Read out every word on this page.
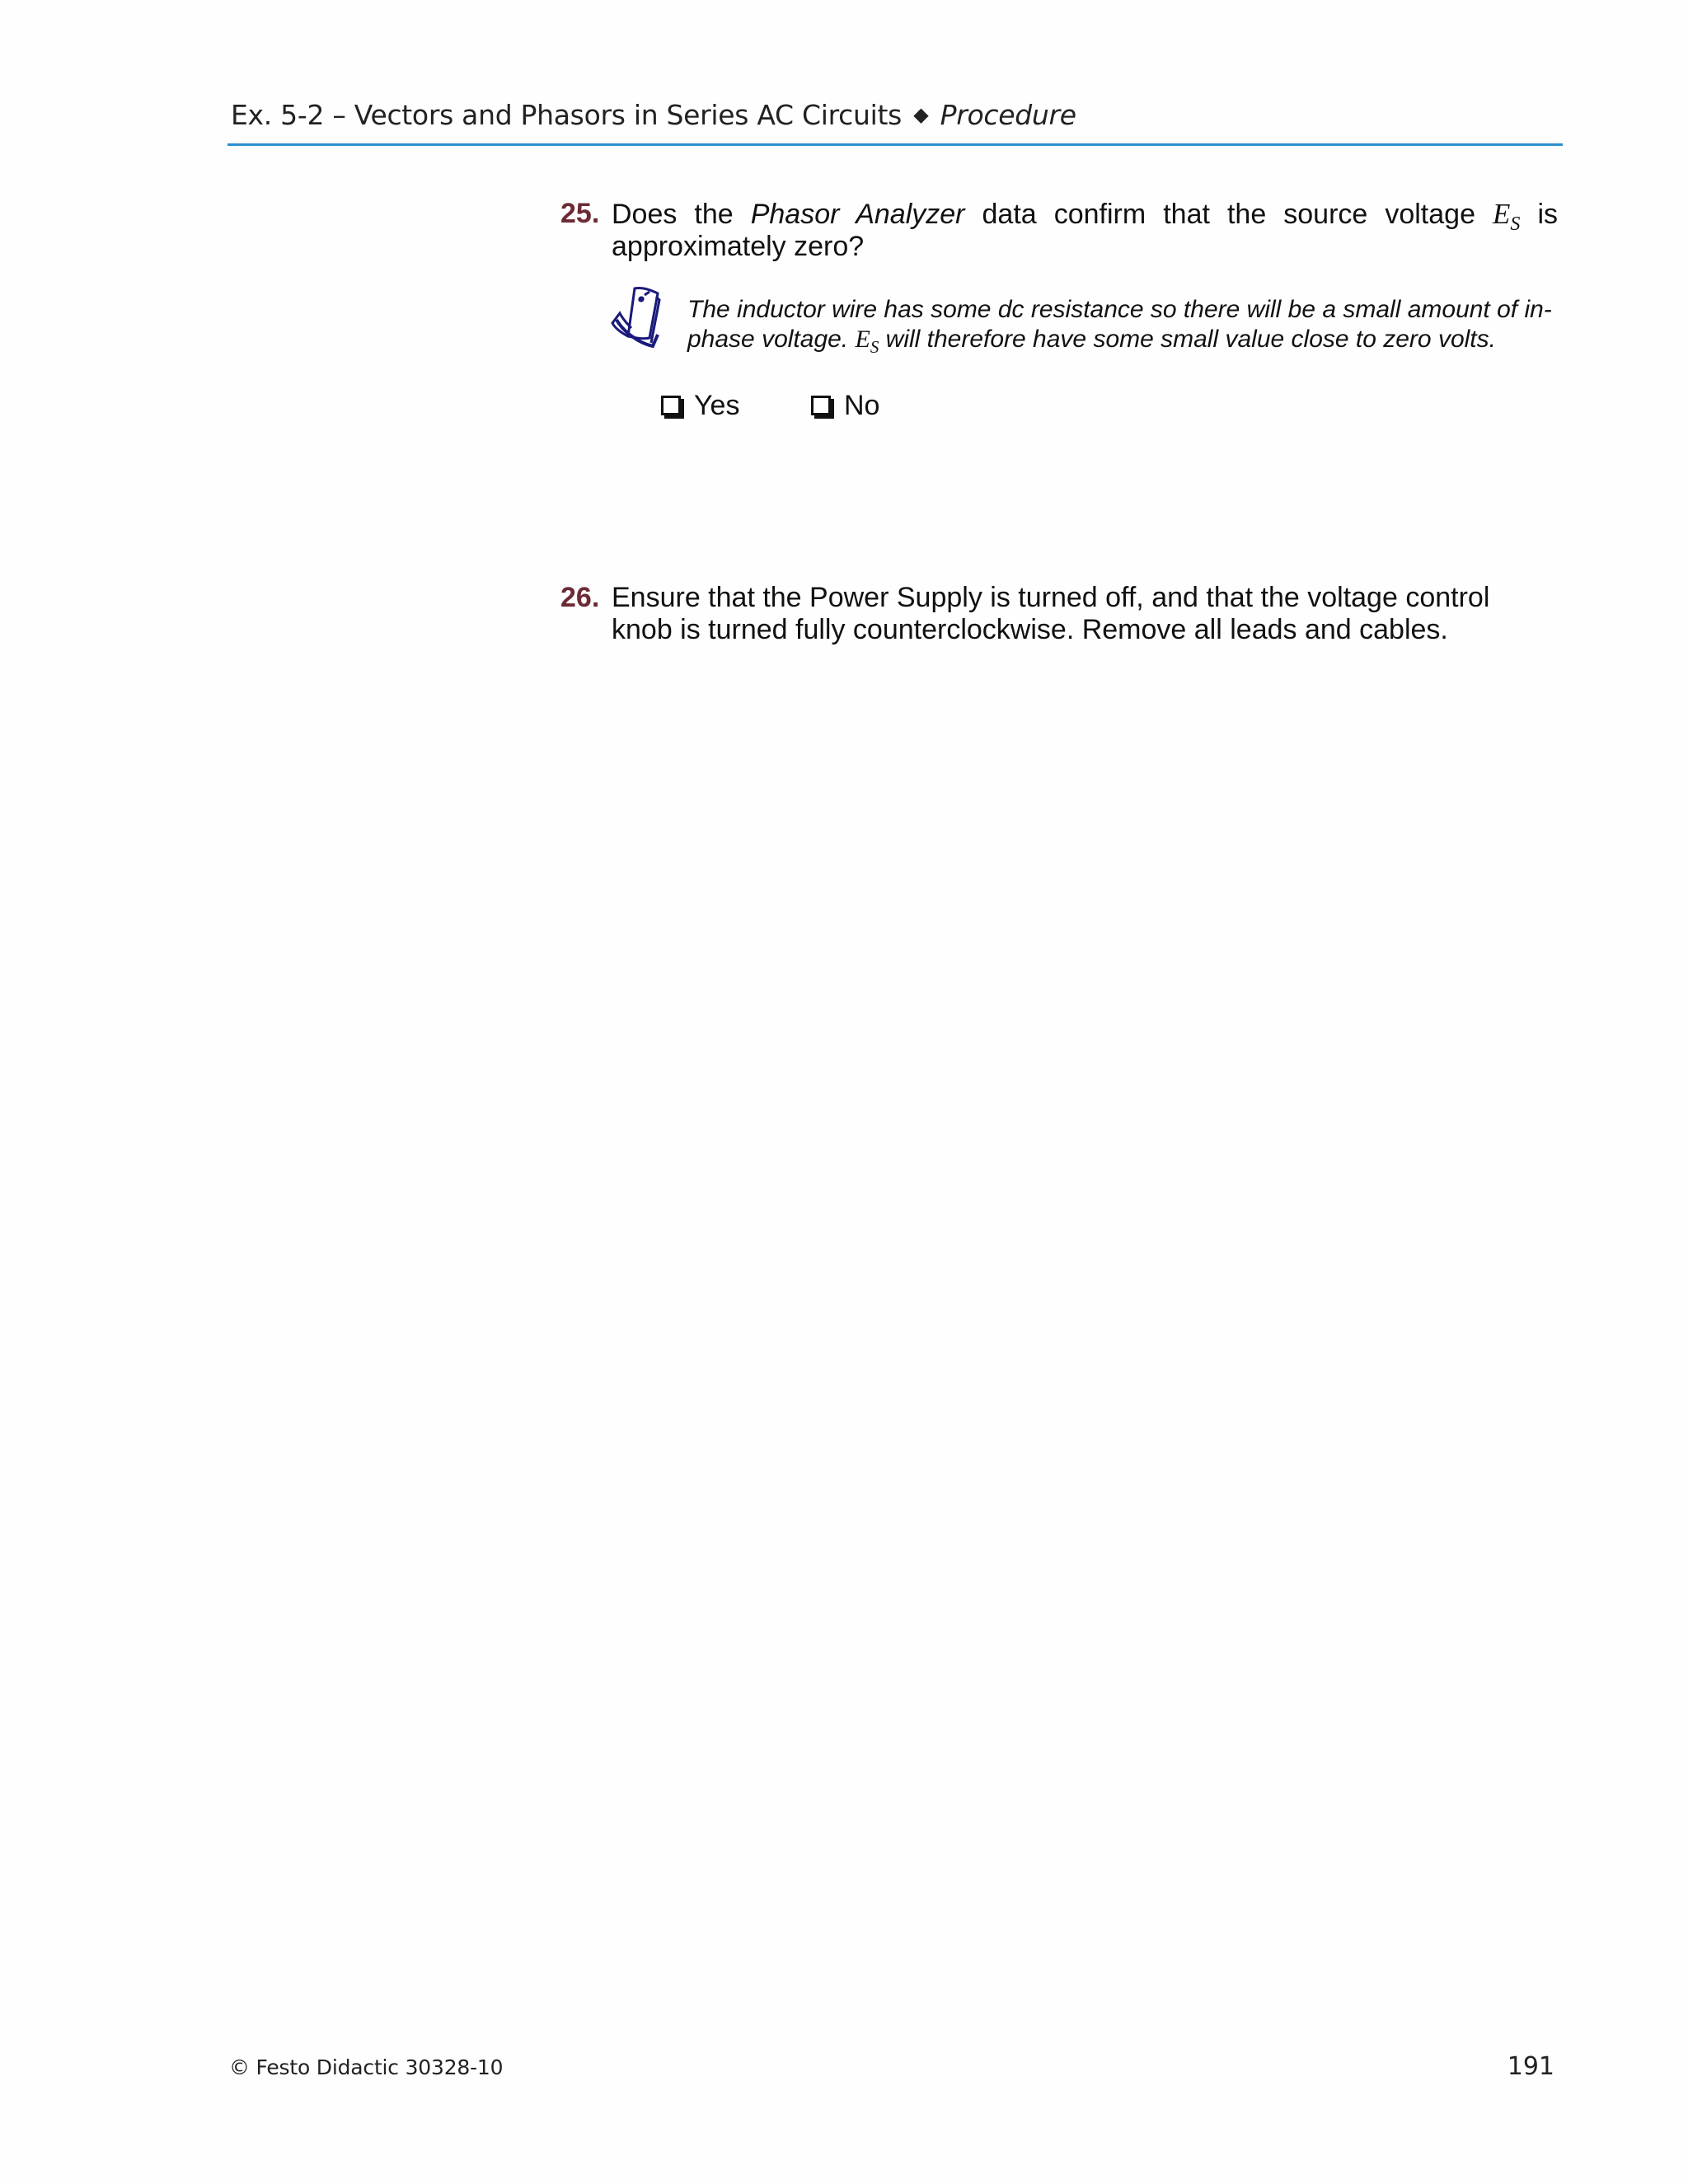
Ex. 5-2 – Vectors and Phasors in Series AC Circuits ◆ Procedure
25. Does the Phasor Analyzer data confirm that the source voltage $E_S$ is approximately zero?
The inductor wire has some dc resistance so there will be a small amount of in-phase voltage. $E_S$ will therefore have some small value close to zero volts.
Yes	No
26. Ensure that the Power Supply is turned off, and that the voltage control knob is turned fully counterclockwise. Remove all leads and cables.
© Festo Didactic 30328-10	191
